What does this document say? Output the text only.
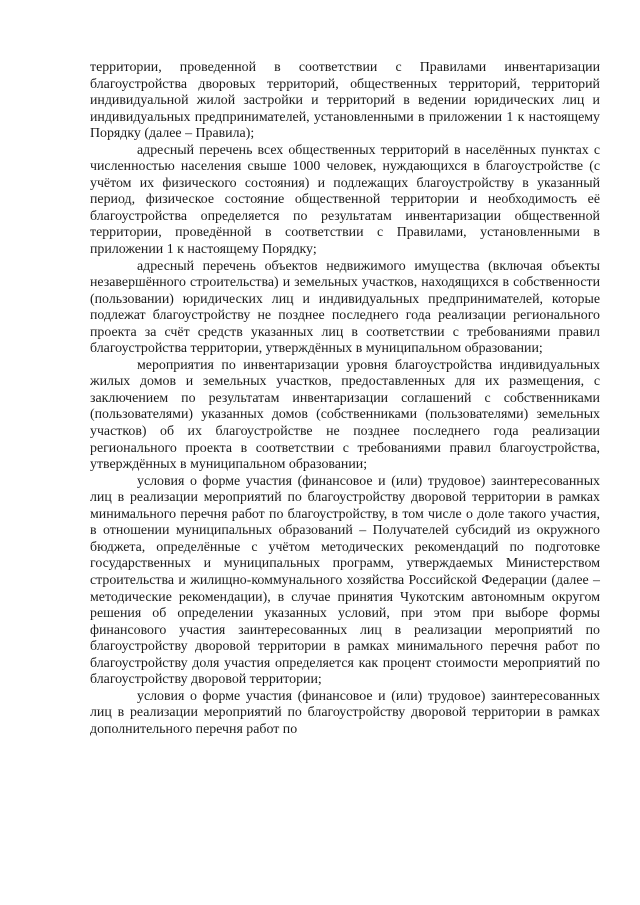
территории, проведенной в соответствии с Правилами инвентаризации благоустройства дворовых территорий, общественных территорий, территорий индивидуальной жилой застройки и территорий в ведении юридических лиц и индивидуальных предпринимателей, установленными в приложении 1 к настоящему Порядку (далее – Правила);

адресный перечень всех общественных территорий в населённых пунктах с численностью населения свыше 1000 человек, нуждающихся в благоустройстве (с учётом их физического состояния) и подлежащих благоустройству в указанный период, физическое состояние общественной территории и необходимость её благоустройства определяется по результатам инвентаризации общественной территории, проведённой в соответствии с Правилами, установленными в приложении 1 к настоящему Порядку;

адресный перечень объектов недвижимого имущества (включая объекты незавершённого строительства) и земельных участков, находящихся в собственности (пользовании) юридических лиц и индивидуальных предпринимателей, которые подлежат благоустройству не позднее последнего года реализации регионального проекта за счёт средств указанных лиц в соответствии с требованиями правил благоустройства территории, утверждённых в муниципальном образовании;

мероприятия по инвентаризации уровня благоустройства индивидуальных жилых домов и земельных участков, предоставленных для их размещения, с заключением по результатам инвентаризации соглашений с собственниками (пользователями) указанных домов (собственниками (пользователями) земельных участков) об их благоустройстве не позднее последнего года реализации регионального проекта в соответствии с требованиями правил благоустройства, утверждённых в муниципальном образовании;

условия о форме участия (финансовое и (или) трудовое) заинтересованных лиц в реализации мероприятий по благоустройству дворовой территории в рамках минимального перечня работ по благоустройству, в том числе о доле такого участия, в отношении муниципальных образований – Получателей субсидий из окружного бюджета, определённые с учётом методических рекомендаций по подготовке государственных и муниципальных программ, утверждаемых Министерством строительства и жилищно-коммунального хозяйства Российской Федерации (далее – методические рекомендации), в случае принятия Чукотским автономным округом решения об определении указанных условий, при этом при выборе формы финансового участия заинтересованных лиц в реализации мероприятий по благоустройству дворовой территории в рамках минимального перечня работ по благоустройству доля участия определяется как процент стоимости мероприятий по благоустройству дворовой территории;

условия о форме участия (финансовое и (или) трудовое) заинтересованных лиц в реализации мероприятий по благоустройству дворовой территории в рамках дополнительного перечня работ по
